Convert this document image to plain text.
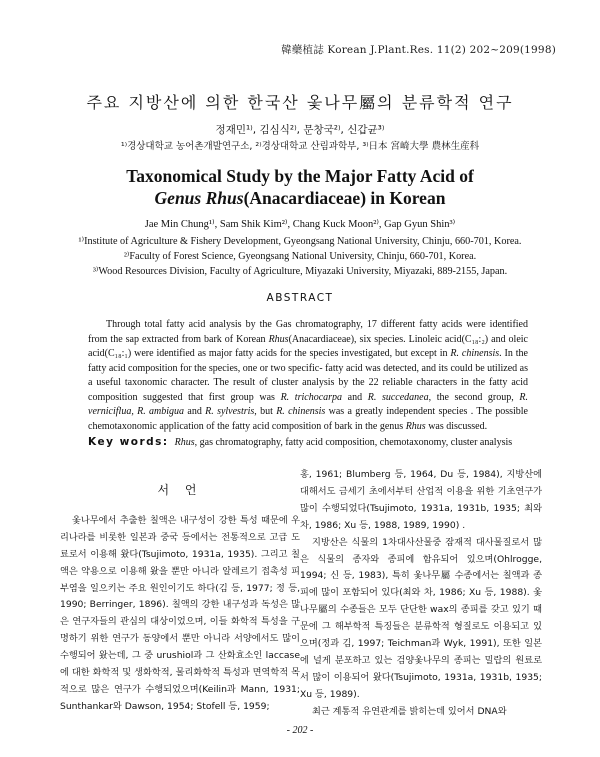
韓藥植誌 Korean J.Plant.Res. 11(2) 202~209(1998)
주요 지방산에 의한 한국산 옻나무屬의 분류학적 연구
정재민¹⁾, 김심식²⁾, 문창국²⁾, 신갑균³⁾
¹⁾경상대학교 농어촌개발연구소, ²⁾경상대학교 산림과학부, ³⁾日本 宮崎大學 農林生産科
Taxonomical Study by the Major Fatty Acid of
Genus Rhus(Anacardiaceae) in Korean
Jae Min Chung¹⁾, Sam Shik Kim²⁾, Chang Kuck Moon²⁾, Gap Gyun Shin³⁾
¹⁾Institute of Agriculture & Fishery Development, Gyeongsang National University, Chinju, 660-701, Korea.
²⁾Faculty of Forest Science, Gyeongsang National University, Chinju, 660-701, Korea.
³⁾Wood Resources Division, Faculty of Agriculture, Miyazaki University, Miyazaki, 889-2155, Japan.
ABSTRACT

Through total fatty acid analysis by the Gas chromatography, 17 different fatty acids were identified from the sap extracted from bark of Korean Rhus(Anacardiaceae), six species. Linoleic acid(C₁₈:₂) and oleic acid(C₁₈:₁) were identified as major fatty acids for the species investigated, but except in R. chinensis. In the fatty acid composition for the species, one or two specific- fatty acid was detected, and its could be utilized as a useful taxonomic character. The result of cluster analysis by the 22 reliable characters in the fatty acid composition suggested that first group was R. trichocarpa and R. succedanea, the second group, R. verniciflua, R. ambigua and R. sylvestris, but R. chinensis was a greatly independent species . The possible chemotaxonomic application of the fatty acid composition of bark in the genus Rhus was discussed.

Key words: Rhus, gas chromatography, fatty acid composition, chemotaxonomy, cluster analysis
서 언

옻나무에서 추출한 칠액은 내구성이 강한 특성 때문에 우리나라를 비롯한 일본과 중국 등에서는 전통적으로 고급 도료로서 이용해 왔다(Tsujimoto, 1931a, 1935). 그리고 칠액은 약용으로 이용해 왔을 뿐만 아니라 알레르기 접촉성 피부염을 일으키는 주요 원인이기도 하다(김 등, 1977; 정 등, 1990; Berringer, 1896). 칠액의 강한 내구성과 독성은 많은 연구자들의 관심의 대상이었으며, 이들 화학적 특성을 구명하기 위한 연구가 동양에서 뿐만 아니라 서양에서도 많이 수행되어 왔는데, 그 중 urushiol과 그 산화효소인 laccase에 대한 화학적 및 생화학적, 물리화학적 특성과 면역학적 목적으로 많은 연구가 수행되었으며(Keilin과 Mann, 1931; Sunthankar와 Dawson, 1954; Stofell 등, 1959;

홍, 1961; Blumberg 등, 1964, Du 등, 1984), 지방산에 대해서도 금세기 초에서부터 산업적 이용을 위한 기초연구가 많이 수행되었다(Tsujimoto, 1931a, 1931b, 1935; 최와 차, 1986; Xu 등, 1988, 1989, 1990) .

지방산은 식물의 1차대사산물중 잠재적 대사물질로서 많은 식물의 종자와 종피에 함유되어 있으며(Ohlrogge, 1994; 신 등, 1983), 특히 옻나무屬 수종에서는 칠액과 종피에 많이 포함되어 있다(최와 차, 1986; Xu 등, 1988). 옻나무屬의 수종들은 모두 단단한 wax의 종피를 갖고 있기 때문에 그 해부학적 특징들은 분류학적 형질로도 이용되고 있으며(정과 김, 1997; Teichman과 Wyk, 1991), 또한 일본에 널게 분포하고 있는 검양옻나무의 종피는 밀랍의 원료로서 많이 이용되어 왔다(Tsujimoto, 1931a, 1931b, 1935; Xu 등, 1989).

최근 계통적 유연관계를 밝히는데 있어서 DNA와

- 202 -
